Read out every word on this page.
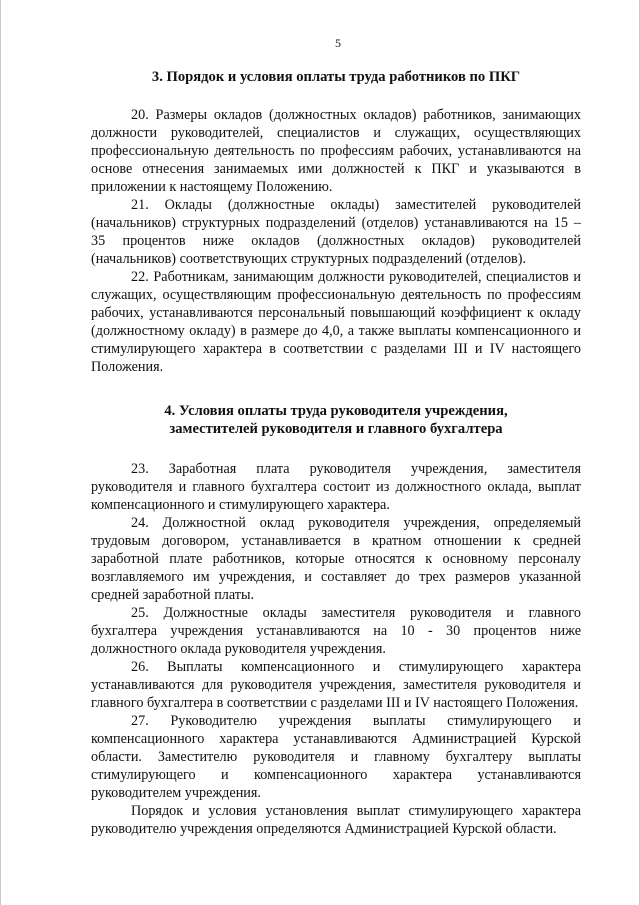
5

3. Порядок и условия оплаты труда работников по ПКГ

20. Размеры окладов (должностных окладов) работников, занимающих должности руководителей, специалистов и служащих, осуществляющих профессиональную деятельность по профессиям рабочих, устанавливаются на основе отнесения занимаемых ими должностей к ПКГ и указываются в приложении к настоящему Положению.

21. Оклады (должностные оклады) заместителей руководителей (начальников) структурных подразделений (отделов) устанавливаются на 15 – 35 процентов ниже окладов (должностных окладов) руководителей (начальников) соответствующих структурных подразделений (отделов).

22. Работникам, занимающим должности руководителей, специалистов и служащих, осуществляющим профессиональную деятельность по профессиям рабочих, устанавливаются персональный повышающий коэффициент к окладу (должностному окладу) в размере до 4,0, а также выплаты компенсационного и стимулирующего характера в соответствии с разделами III и IV настоящего Положения.

4. Условия оплаты труда руководителя учреждения,
заместителей руководителя и главного бухгалтера

23. Заработная плата руководителя учреждения, заместителя руководителя и главного бухгалтера состоит из должностного оклада, выплат компенсационного и стимулирующего характера.

24. Должностной оклад руководителя учреждения, определяемый трудовым договором, устанавливается в кратном отношении к средней заработной плате работников, которые относятся к основному персоналу возглавляемого им учреждения, и составляет до трех размеров указанной средней заработной платы.

25. Должностные оклады заместителя руководителя и главного бухгалтера учреждения устанавливаются на 10 - 30 процентов ниже должностного оклада руководителя учреждения.

26. Выплаты компенсационного и стимулирующего характера устанавливаются для руководителя учреждения, заместителя руководителя и главного бухгалтера в соответствии с разделами III и IV настоящего Положения.

27. Руководителю учреждения выплаты стимулирующего и компенсационного характера устанавливаются Администрацией Курской области. Заместителю руководителя и главному бухгалтеру выплаты стимулирующего и компенсационного характера устанавливаются руководителем учреждения.

Порядок и условия установления выплат стимулирующего характера руководителю учреждения определяются Администрацией Курской области.
